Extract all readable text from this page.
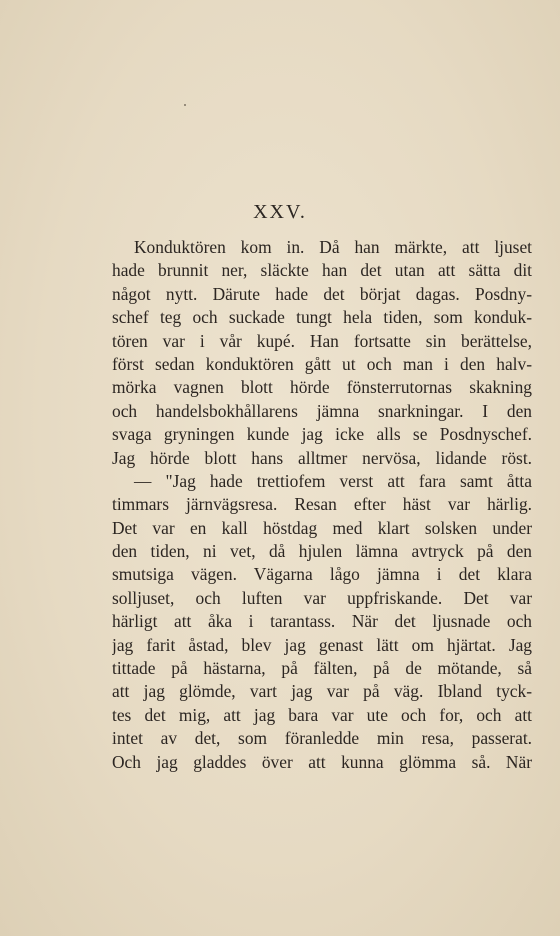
XXV.
Konduktören kom in. Då han märkte, att ljuset
hade brunnit ner, släckte han det utan att sätta dit
något nytt. Därute hade det börjat dagas. Posdny-
schef teg och suckade tungt hela tiden, som konduk-
tören var i vår kupé. Han fortsatte sin berättelse,
först sedan konduktören gått ut och man i den halv-
mörka vagnen blott hörde fönsterrutornas skakning
och handelsbokhållarens jämna snarkningar. I den
svaga gryningen kunde jag icke alls se Posdnyschef.
Jag hörde blott hans alltmer nervösa, lidande röst.
— "Jag hade trettiofem verst att fara samt åtta
timmars järnvägsresa. Resan efter häst var härlig.
Det var en kall höstdag med klart solsken under
den tiden, ni vet, då hjulen lämna avtryck på den
smutsiga vägen. Vägarna lågo jämna i det klara
solljuset, och luften var uppfriskande. Det var
härligt att åka i tarantass. När det ljusnade och
jag farit åstad, blev jag genast lätt om hjärtat. Jag
tittade på hästarna, på fälten, på de mötande, så
att jag glömde, vart jag var på väg. Ibland tyck-
tes det mig, att jag bara var ute och for, och att
intet av det, som föranledde min resa, passerat.
Och jag gladdes över att kunna glömma så. När
